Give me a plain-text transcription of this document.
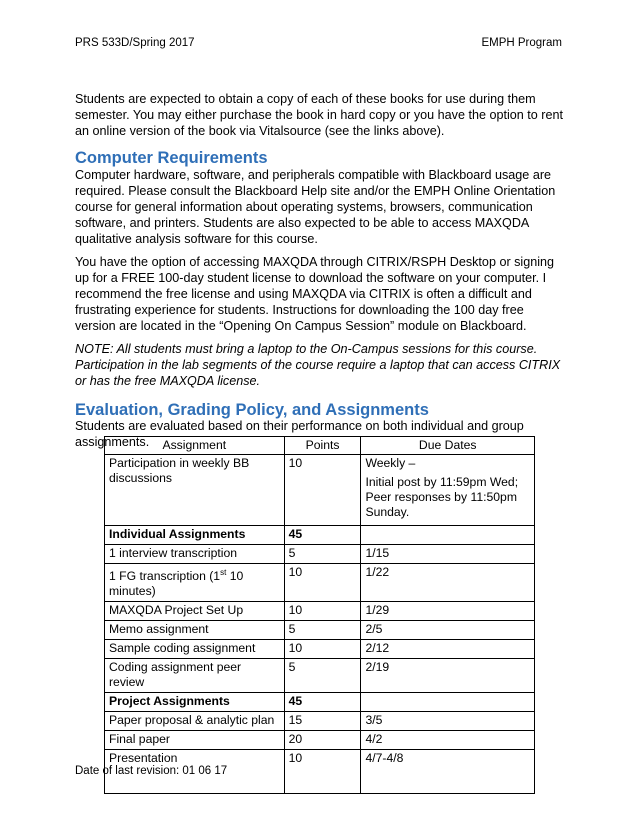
PRS 533D/Spring 2017	EMPH Program

Students are expected to obtain a copy of each of these books for use during them semester. You may either purchase the book in hard copy or you have the option to rent an online version of the book via Vitalsource (see the links above).

Computer Requirements

Computer hardware, software, and peripherals compatible with Blackboard usage are required. Please consult the Blackboard Help site and/or the EMPH Online Orientation course for general information about operating systems, browsers, communication software, and printers. Students are also expected to be able to access MAXQDA qualitative analysis software for this course.

You have the option of accessing MAXQDA through CITRIX/RSPH Desktop or signing up for a FREE 100-day student license to download the software on your computer. I recommend the free license and using MAXQDA via CITRIX is often a difficult and frustrating experience for students. Instructions for downloading the 100 day free version are located in the “Opening On Campus Session” module on Blackboard.

NOTE: All students must bring a laptop to the On-Campus sessions for this course. Participation in the lab segments of the course require a laptop that can access CITRIX or has the free MAXQDA license.

Evaluation, Grading Policy, and Assignments

Students are evaluated based on their performance on both individual and group assignments.	Assignment	Points	Due Dates
Participation in weekly BB discussions	10	Weekly –

Initial post by 11:59pm Wed; Peer responses by 11:50pm Sunday.

Individual Assignments	45	
1 interview transcription	5	1/15
1 FG transcription (1st 10 minutes)	10	1/22
MAXQDA Project Set Up	10	1/29
Memo assignment	5	2/5
Sample coding assignment	10	2/12
Coding assignment peer review	5	2/19
Project Assignments	45	
Paper proposal & analytic plan	15	3/5
Final paper	20	4/2
Presentation	10	4/7-4/8
Date of last revision: 01 06 17
